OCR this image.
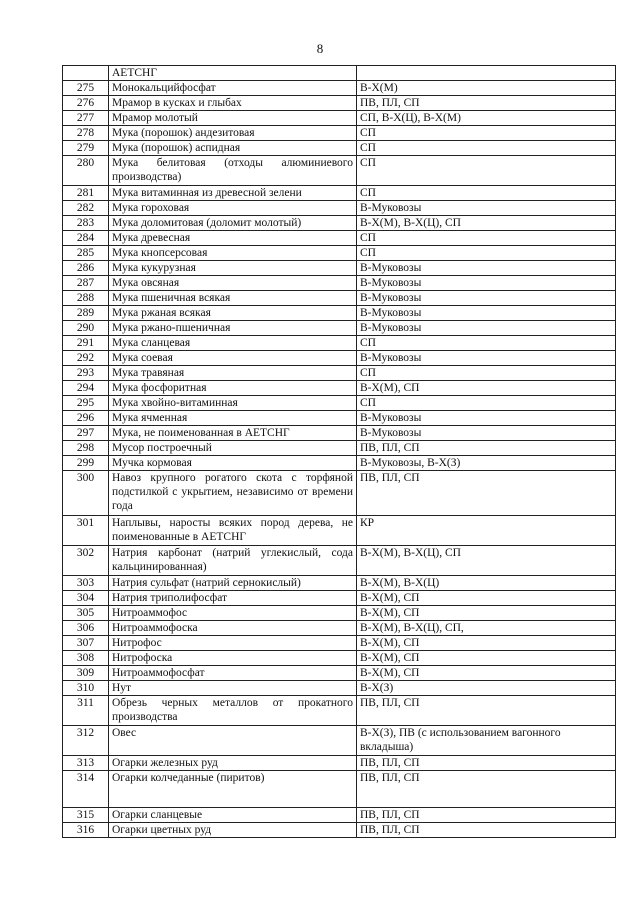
8
	АЕТСНГ	
275	Монокальцийфосфат	В-Х(М)
276	Мрамор в кусках и глыбах	ПВ, ПЛ, СП
277	Мрамор молотый	СП, В-Х(Ц), В-Х(М)
278	Мука (порошок) андезитовая	СП
279	Мука (порошок) аспидная	СП
280	Мука белитовая (отходы алюминиевого производства)	СП
281	Мука витаминная из древесной зелени	СП
282	Мука гороховая	В-Муковозы
283	Мука доломитовая (доломит молотый)	В-Х(М), В-Х(Ц), СП
284	Мука древесная	СП
285	Мука кнопсерсовая	СП
286	Мука кукурузная	В-Муковозы
287	Мука овсяная	В-Муковозы
288	Мука пшеничная всякая	В-Муковозы
289	Мука ржаная всякая	В-Муковозы
290	Мука ржано-пшеничная	В-Муковозы
291	Мука сланцевая	СП
292	Мука соевая	В-Муковозы
293	Мука травяная	СП
294	Мука фосфоритная	В-Х(М), СП
295	Мука хвойно-витаминная	СП
296	Мука ячменная	В-Муковозы
297	Мука, не поименованная в АЕТСНГ	В-Муковозы
298	Мусор построечный	ПВ, ПЛ, СП
299	Мучка кормовая	В-Муковозы, В-Х(З)
300	Навоз крупного рогатого скота с торфяной подстилкой с укрытием, независимо от времени года	ПВ, ПЛ, СП
301	Наплывы, наросты всяких пород дерева, не поименованные в АЕТСНГ	КР
302	Натрия карбонат (натрий углекислый, сода кальцинированная)	В-Х(М), В-Х(Ц), СП
303	Натрия сульфат (натрий сернокислый)	В-Х(М), В-Х(Ц)
304	Натрия триполифосфат	В-Х(М), СП
305	Нитроаммофос	В-Х(М), СП
306	Нитроаммофоска	В-Х(М), В-Х(Ц), СП,
307	Нитрофос	В-Х(М), СП
308	Нитрофоска	В-Х(М), СП
309	Нитроаммофосфат	В-Х(М), СП
310	Нут	В-Х(З)
311	Обрезь черных металлов от прокатного производства	ПВ, ПЛ, СП
312	Овес	В-Х(З), ПВ (с использованием вагонного вкладыша)
313	Огарки железных руд	ПВ, ПЛ, СП
314	Огарки колчеданные (пиритов)	ПВ, ПЛ, СП
315	Огарки сланцевые	ПВ, ПЛ, СП
316	Огарки цветных руд	ПВ, ПЛ, СП
